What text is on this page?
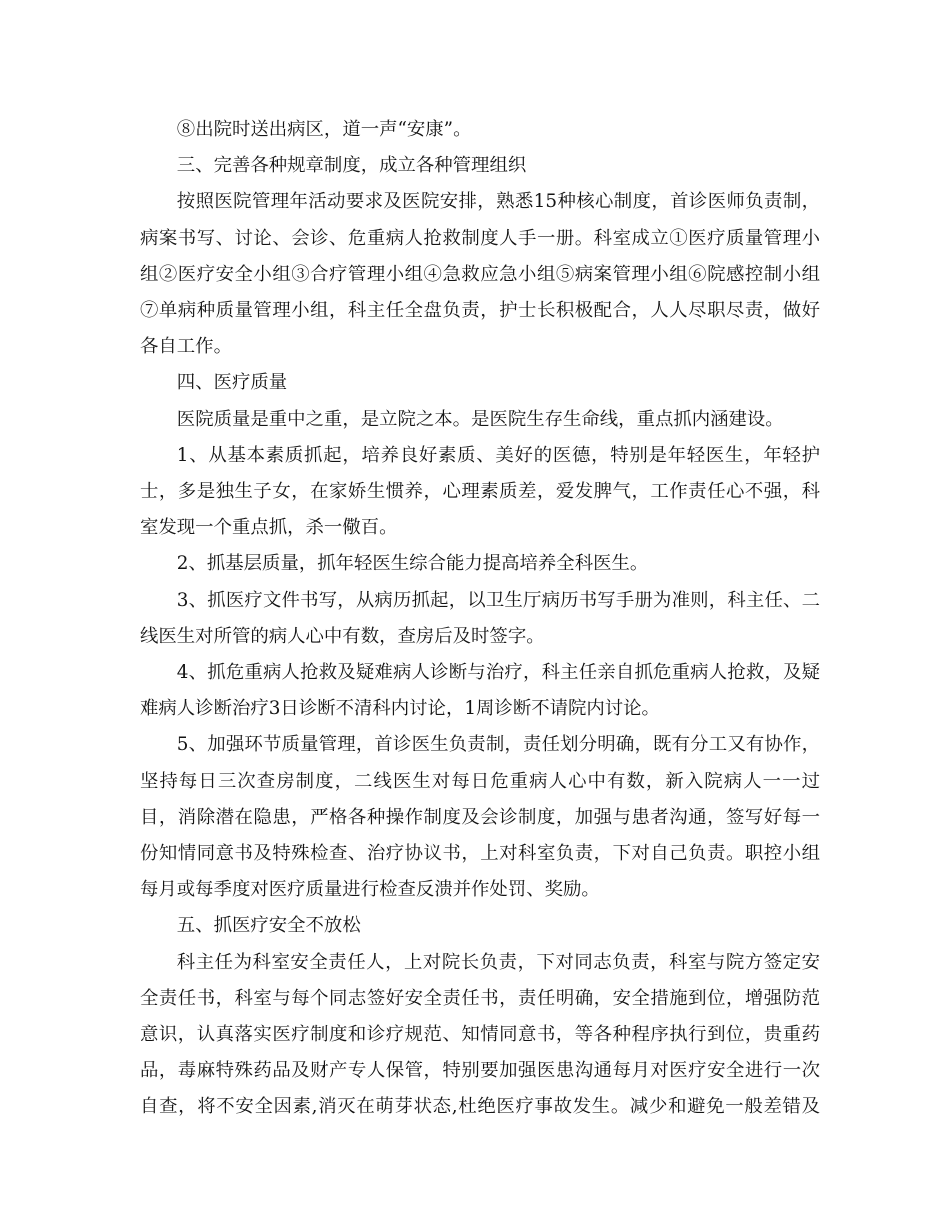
⑧出院时送出病区，道一声“安康”。

三、完善各种规章制度，成立各种管理组织

按照医院管理年活动要求及医院安排，熟悉15种核心制度，首诊医师负责制，病案书写、讨论、会诊、危重病人抢救制度人手一册。科室成立①医疗质量管理小组②医疗安全小组③合疗管理小组④急救应急小组⑤病案管理小组⑥院感控制小组⑦单病种质量管理小组，科主任全盘负责，护士长积极配合，人人尽职尽责，做好各自工作。

四、医疗质量

医院质量是重中之重，是立院之本。是医院生存生命线，重点抓内涵建设。

1、从基本素质抓起，培养良好素质、美好的医德，特别是年轻医生，年轻护士，多是独生子女，在家娇生惯养，心理素质差，爱发脾气，工作责任心不强，科室发现一个重点抓，杀一儆百。

2、抓基层质量，抓年轻医生综合能力提高培养全科医生。

3、抓医疗文件书写，从病历抓起，以卫生厅病历书写手册为准则，科主任、二线医生对所管的病人心中有数，查房后及时签字。

4、抓危重病人抢救及疑难病人诊断与治疗，科主任亲自抓危重病人抢救，及疑难病人诊断治疗3日诊断不清科内讨论，1周诊断不请院内讨论。

5、加强环节质量管理，首诊医生负责制，责任划分明确，既有分工又有协作，坚持每日三次查房制度，二线医生对每日危重病人心中有数，新入院病人一一过目，消除潜在隐患，严格各种操作制度及会诊制度，加强与患者沟通，签写好每一份知情同意书及特殊检查、治疗协议书，上对科室负责，下对自己负责。职控小组每月或每季度对医疗质量进行检查反溃并作处罚、奖励。

五、抓医疗安全不放松

科主任为科室安全责任人，上对院长负责，下对同志负责，科室与院方签定安全责任书，科室与每个同志签好安全责任书，责任明确，安全措施到位，增强防范意识，认真落实医疗制度和诊疗规范、知情同意书，等各种程序执行到位，贵重药品，毒麻特殊药品及财产专人保管，特别要加强医患沟通每月对医疗安全进行一次自查，将不安全因素,消灭在萌芽状态,杜绝医疗事故发生。减少和避免一般差错及
